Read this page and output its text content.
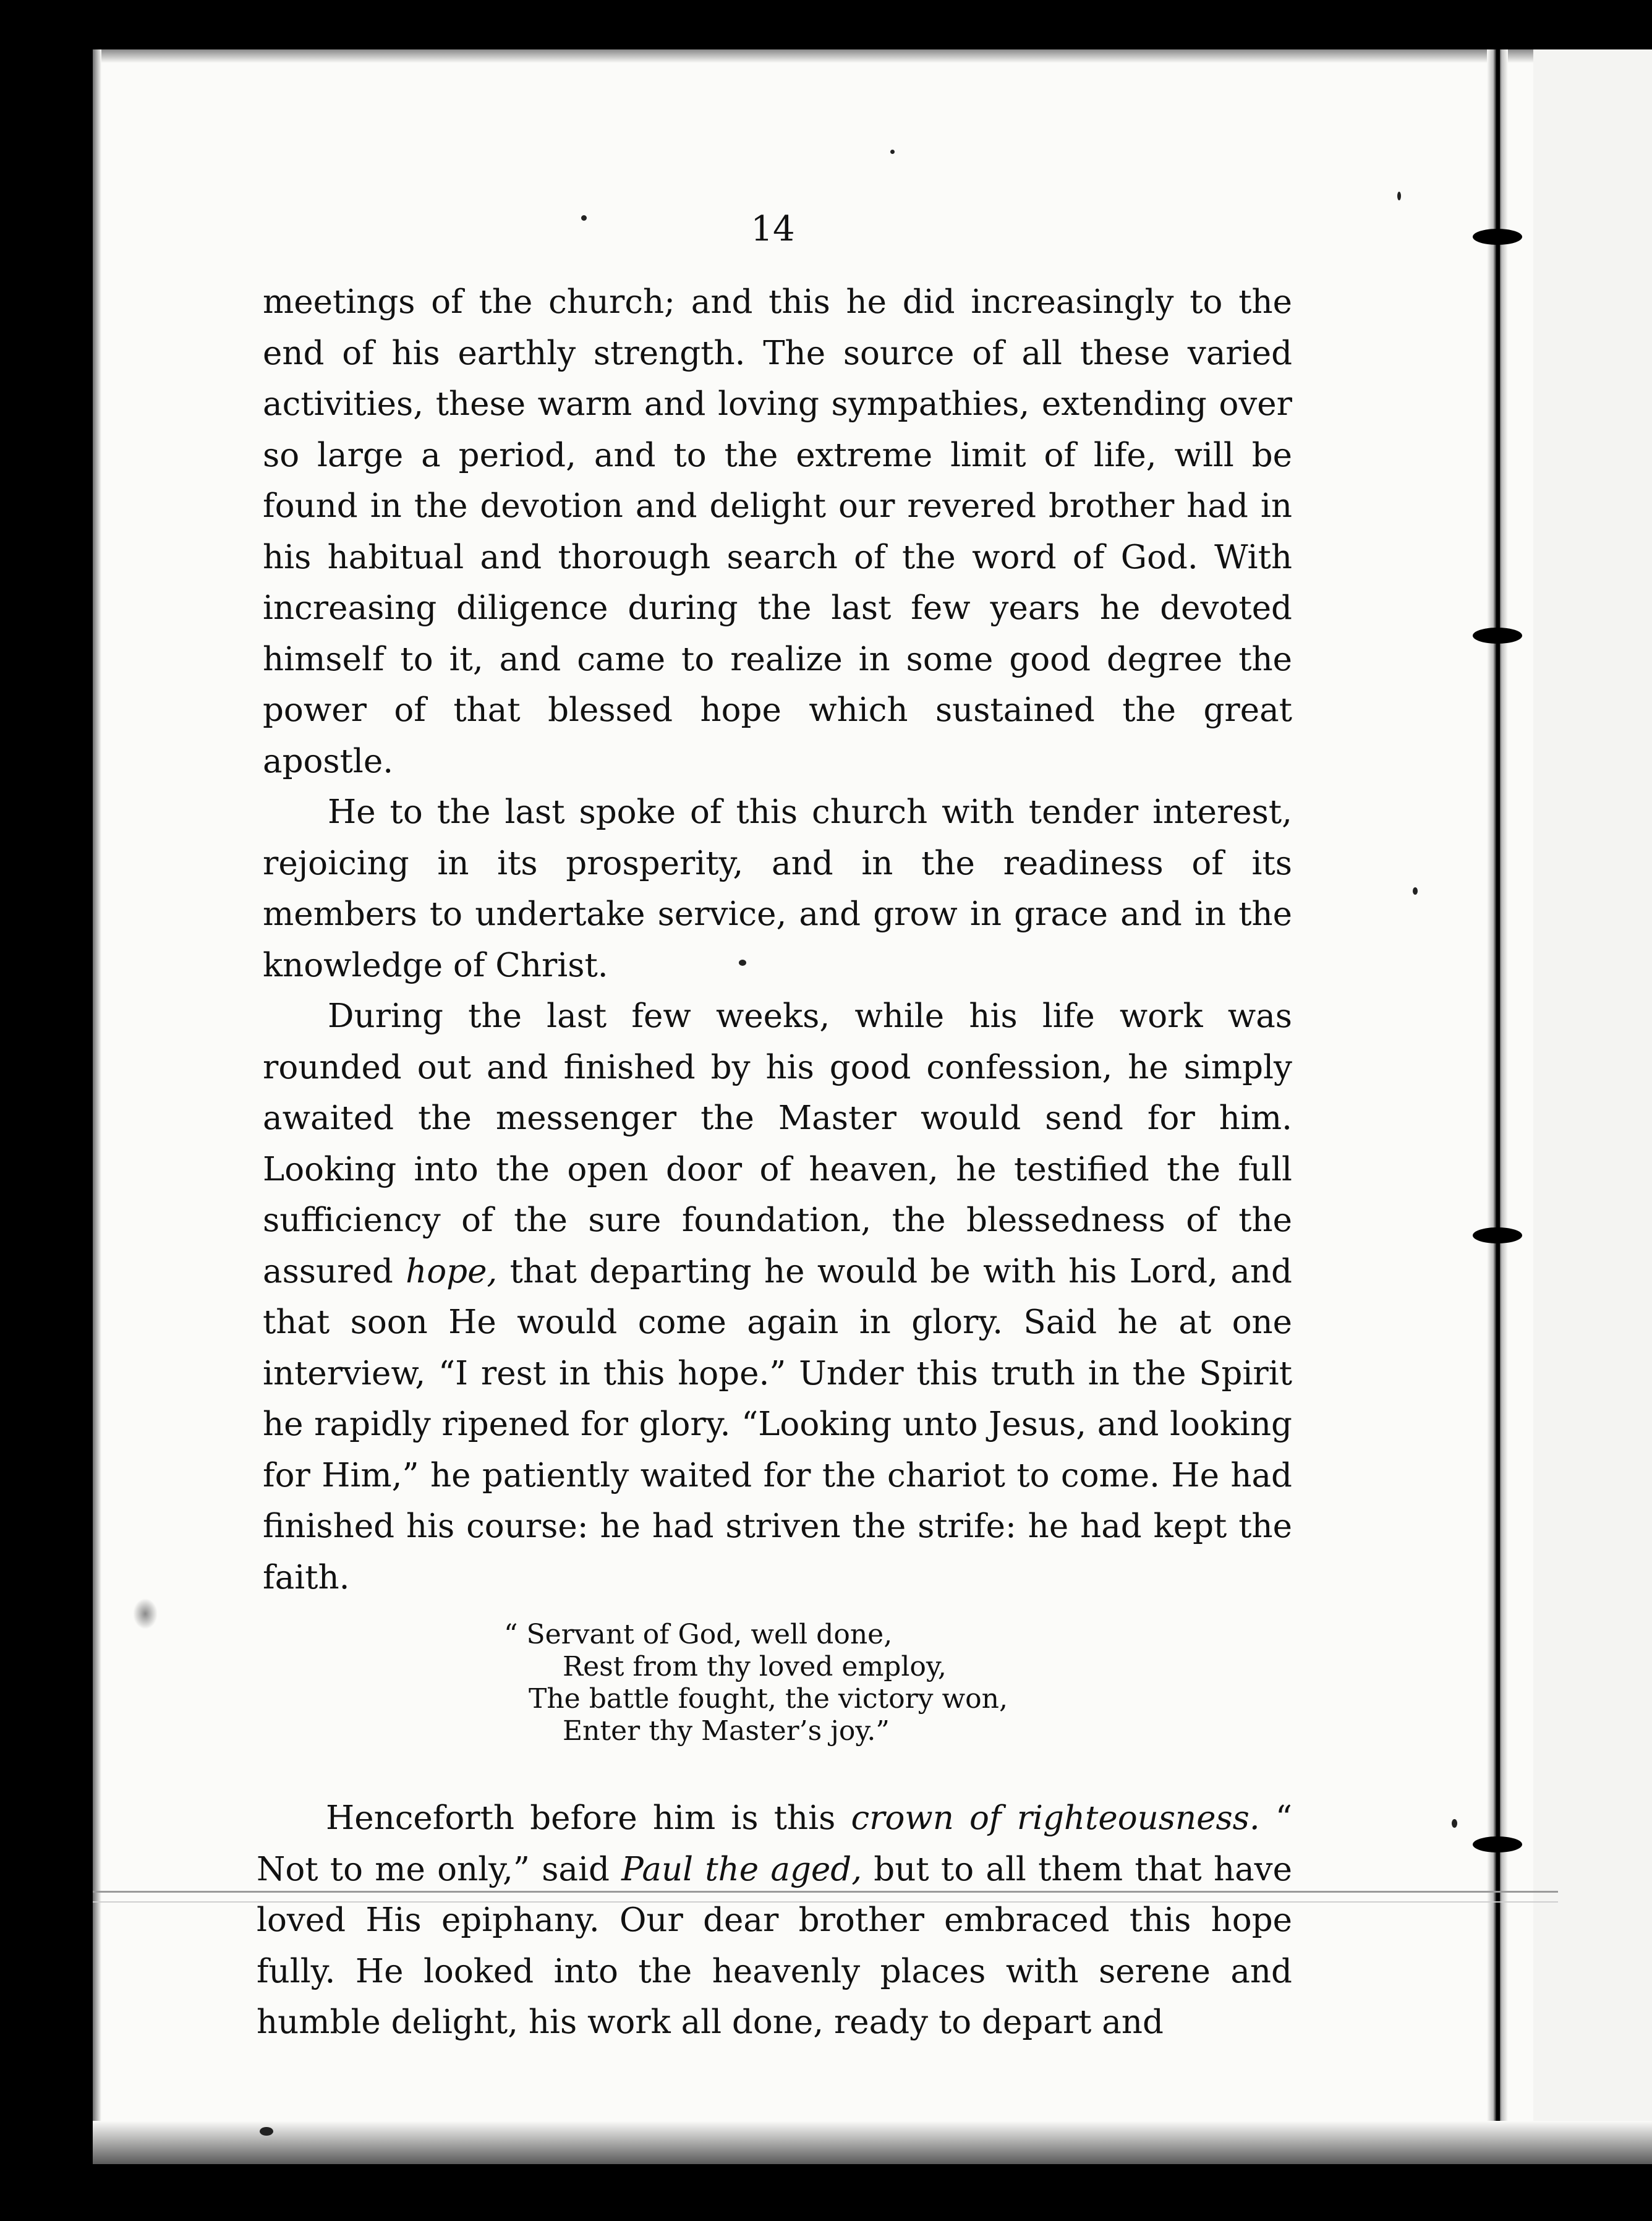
14

meetings of the church; and this he did increasingly to the end of his earthly strength. The source of all these varied activities, these warm and loving sympathies, extending over so large a period, and to the extreme limit of life, will be found in the devotion and delight our revered brother had in his habitual and thorough search of the word of God. With increasing diligence during the last few years he devoted himself to it, and came to realize in some good degree the power of that blessed hope which sustained the great apostle.

He to the last spoke of this church with tender interest, rejoicing in its prosperity, and in the readiness of its members to undertake service, and grow in grace and in the knowledge of Christ.

During the last few weeks, while his life work was rounded out and finished by his good confession, he simply awaited the messenger the Master would send for him. Looking into the open door of heaven, he testified the full sufficiency of the sure foundation, the blessedness of the assured hope, that departing he would be with his Lord, and that soon He would come again in glory. Said he at one interview, “I rest in this hope.” Under this truth in the Spirit he rapidly ripened for glory. “Looking unto Jesus, and looking for Him,” he patiently waited for the chariot to come. He had finished his course: he had striven the strife: he had kept the faith.

“ Servant of God, well done,
Rest from thy loved employ,
The battle fought, the victory won,
Enter thy Master’s joy.”

Henceforth before him is this crown of righteousness. “ Not to me only,” said Paul the aged, but to all them that have loved His epiphany. Our dear brother embraced this hope fully. He looked into the heavenly places with serene and humble delight, his work all done, ready to depart and
